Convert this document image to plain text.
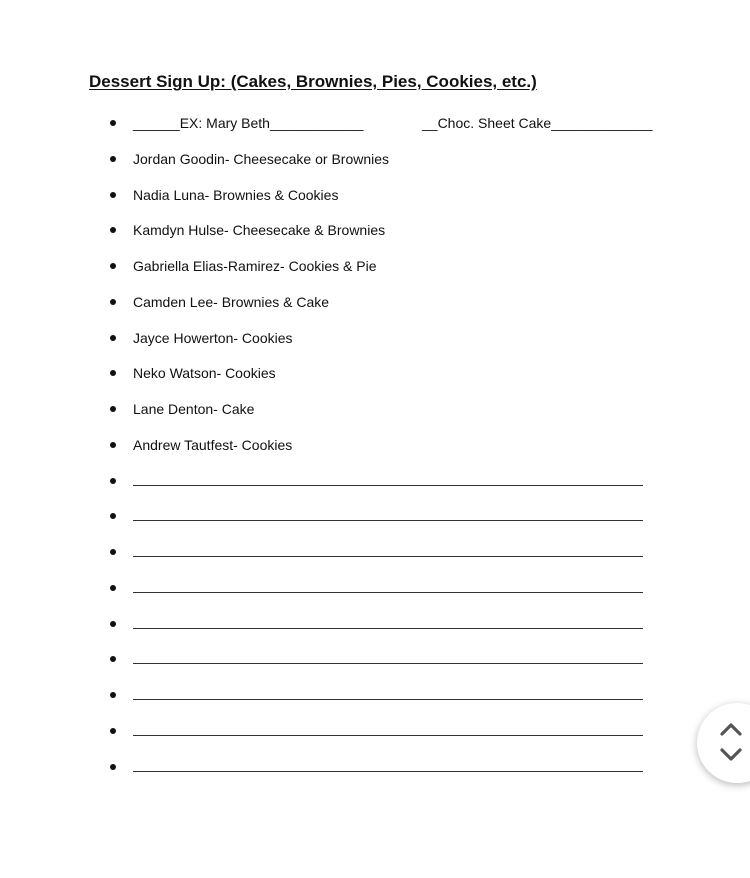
Dessert Sign Up: (Cakes, Brownies, Pies, Cookies, etc.)
______EX: Mary Beth____________	__Choc. Sheet Cake_____________
Jordan Goodin- Cheesecake or Brownies
Nadia Luna- Brownies & Cookies
Kamdyn Hulse- Cheesecake & Brownies
Gabriella Elias-Ramirez- Cookies & Pie
Camden Lee- Brownies & Cake
Jayce Howerton- Cookies
Neko Watson- Cookies
Lane Denton- Cake
Andrew Tautfest- Cookies
